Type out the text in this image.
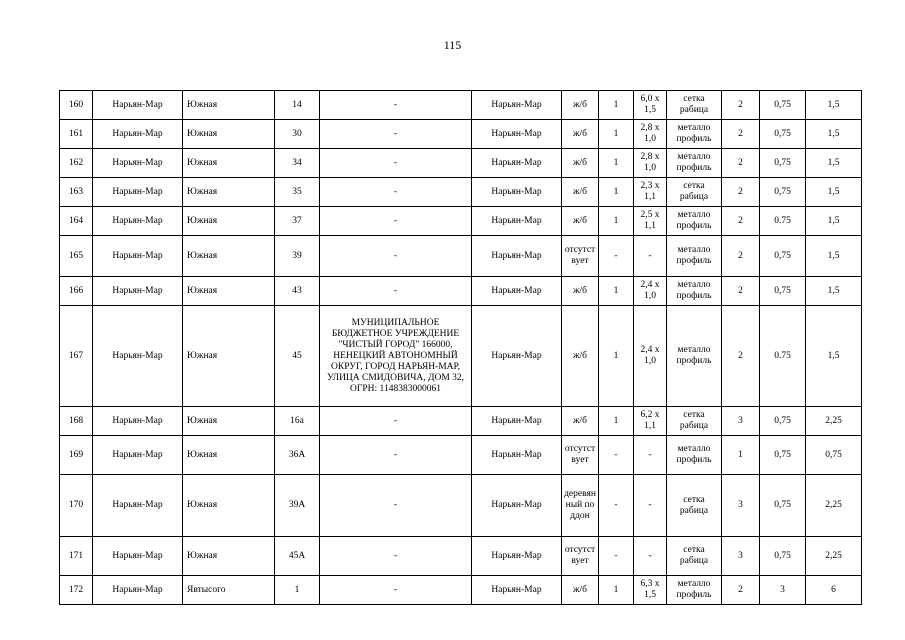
115
160	Нарьян-Мар	Южная	14	-	Нарьян-Мар	ж/б	1	6,0 х 1,5	сетка рабица	2	0,75	1,5
161	Нарьян-Мар	Южная	30	-	Нарьян-Мар	ж/б	1	2,8 х 1,0	металло профиль	2	0,75	1,5
162	Нарьян-Мар	Южная	34	-	Нарьян-Мар	ж/б	1	2,8 х 1,0	металло профиль	2	0,75	1,5
163	Нарьян-Мар	Южная	35	-	Нарьян-Мар	ж/б	1	2,3 х 1,1	сетка рабица	2	0,75	1,5
164	Нарьян-Мар	Южная	37	-	Нарьян-Мар	ж/б	1	2,5 х 1,1	металло профиль	2	0.75	1,5
165	Нарьян-Мар	Южная	39	-	Нарьян-Мар	отсутствует	-	-	металло профиль	2	0,75	1,5
166	Нарьян-Мар	Южная	43	-	Нарьян-Мар	ж/б	1	2,4 х 1,0	металло профиль	2	0,75	1,5
167	Нарьян-Мар	Южная	45	МУНИЦИПАЛЬНОЕ БЮДЖЕТНОЕ УЧРЕЖДЕНИЕ "ЧИСТЫЙ ГОРОД" 166000, НЕНЕЦКИЙ АВТОНОМНЫЙ ОКРУГ, ГОРОД НАРЬЯН-МАР, УЛИЦА СМИДОВИЧА, ДОМ 32, ОГРН: 1148383000061	Нарьян-Мар	ж/б	1	2,4 х 1,0	металло профиль	2	0.75	1,5
168	Нарьян-Мар	Южная	16а	-	Нарьян-Мар	ж/б	1	6,2 х 1,1	сетка рабица	3	0,75	2,25
169	Нарьян-Мар	Южная	36А	-	Нарьян-Мар	отсутствует	-	-	металло профиль	1	0,75	0,75
170	Нарьян-Мар	Южная	39А	-	Нарьян-Мар	деревянный поддон	-	-	сетка рабица	3	0,75	2,25
171	Нарьян-Мар	Южная	45А	-	Нарьян-Мар	отсутствует	-	-	сетка рабица	3	0,75	2,25
172	Нарьян-Мар	Явтысого	1	-	Нарьян-Мар	ж/б	1	6,3 х 1,5	металло профиль	2	3	6
